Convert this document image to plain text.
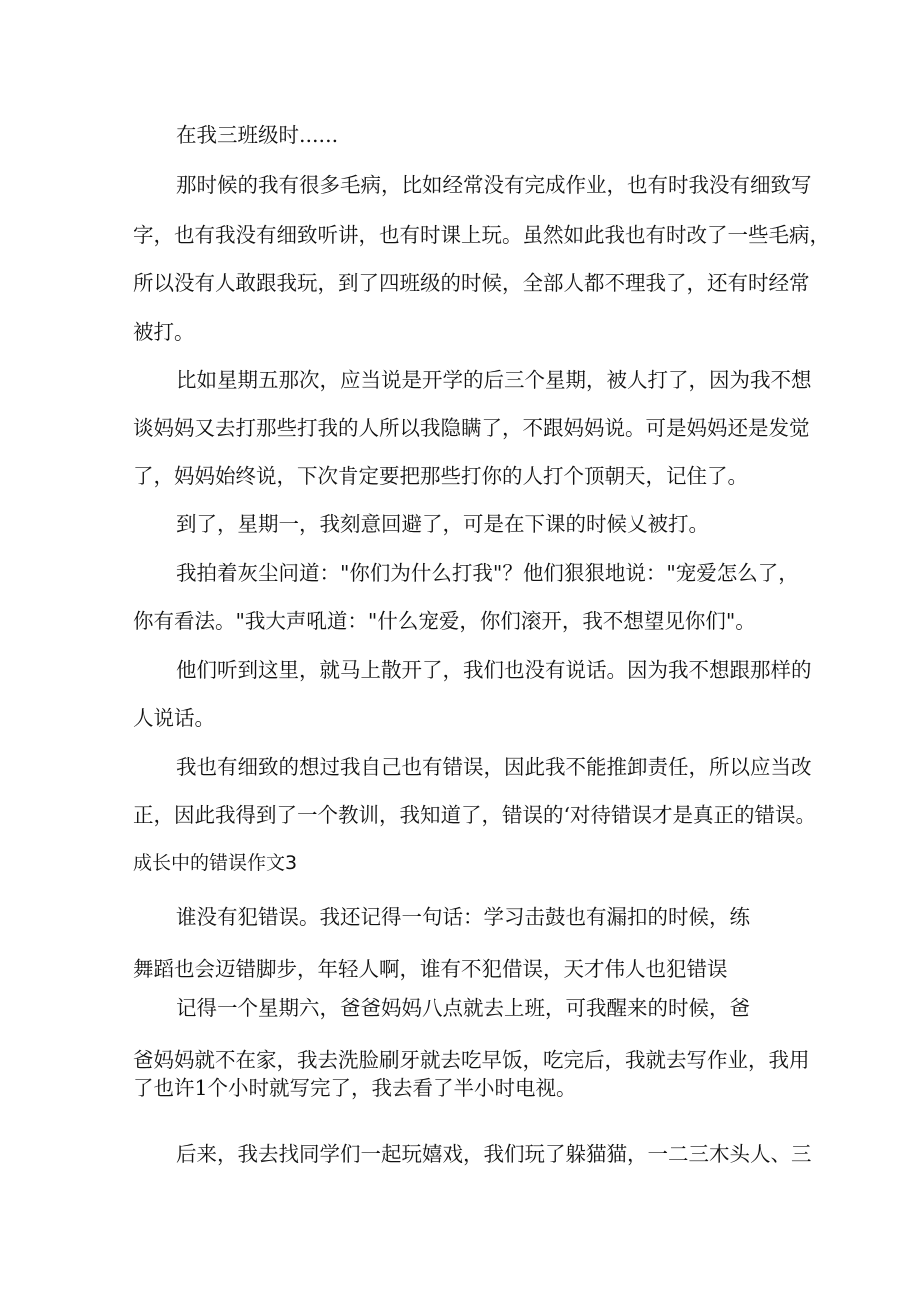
在我三班级时......
那时候的我有很多毛病，比如经常没有完成作业，也有时我没有细致写
字，也有我没有细致听讲，也有时课上玩。虽然如此我也有时改了一些毛病，
所以没有人敢跟我玩，到了四班级的时候，全部人都不理我了，还有时经常
被打。
比如星期五那次，应当说是开学的后三个星期，被人打了，因为我不想
谈妈妈又去打那些打我的人所以我隐瞒了，不跟妈妈说。可是妈妈还是发觉
了，妈妈始终说，下次肯定要把那些打你的人打个顶朝天，记住了。
到了，星期一，我刻意回避了，可是在下课的时候乂被打。
我拍着灰尘问道："你们为什么打我"？他们狠狠地说："宠爱怎么了，
你有看法。"我大声吼道："什么宠爱，你们滚开，我不想望见你们"。
他们听到这里，就马上散开了，我们也没有说话。因为我不想跟那样的
人说话。
我也有细致的想过我自己也有错误，因此我不能推卸责任，所以应当改
正，因此我得到了一个教训，我知道了，错误的‘对待错误才是真正的错误。
成长中的错误作文3
谁没有犯错误。我还记得一句话：学习击鼓也有漏扣的时候，练
舞蹈也会迈错脚步，年轻人啊，谁有不犯借误，天才伟人也犯错误
记得一个星期六，爸爸妈妈八点就去上班，可我醒来的时候，爸
爸妈妈就不在家，我去洗脸刷牙就去吃早饭，吃完后，我就去写作业，我用
了也许1个小时就写完了，我去看了半小时电视。
后来，我去找同学们一起玩嬉戏，我们玩了躲猫猫，一二三木头人、三
